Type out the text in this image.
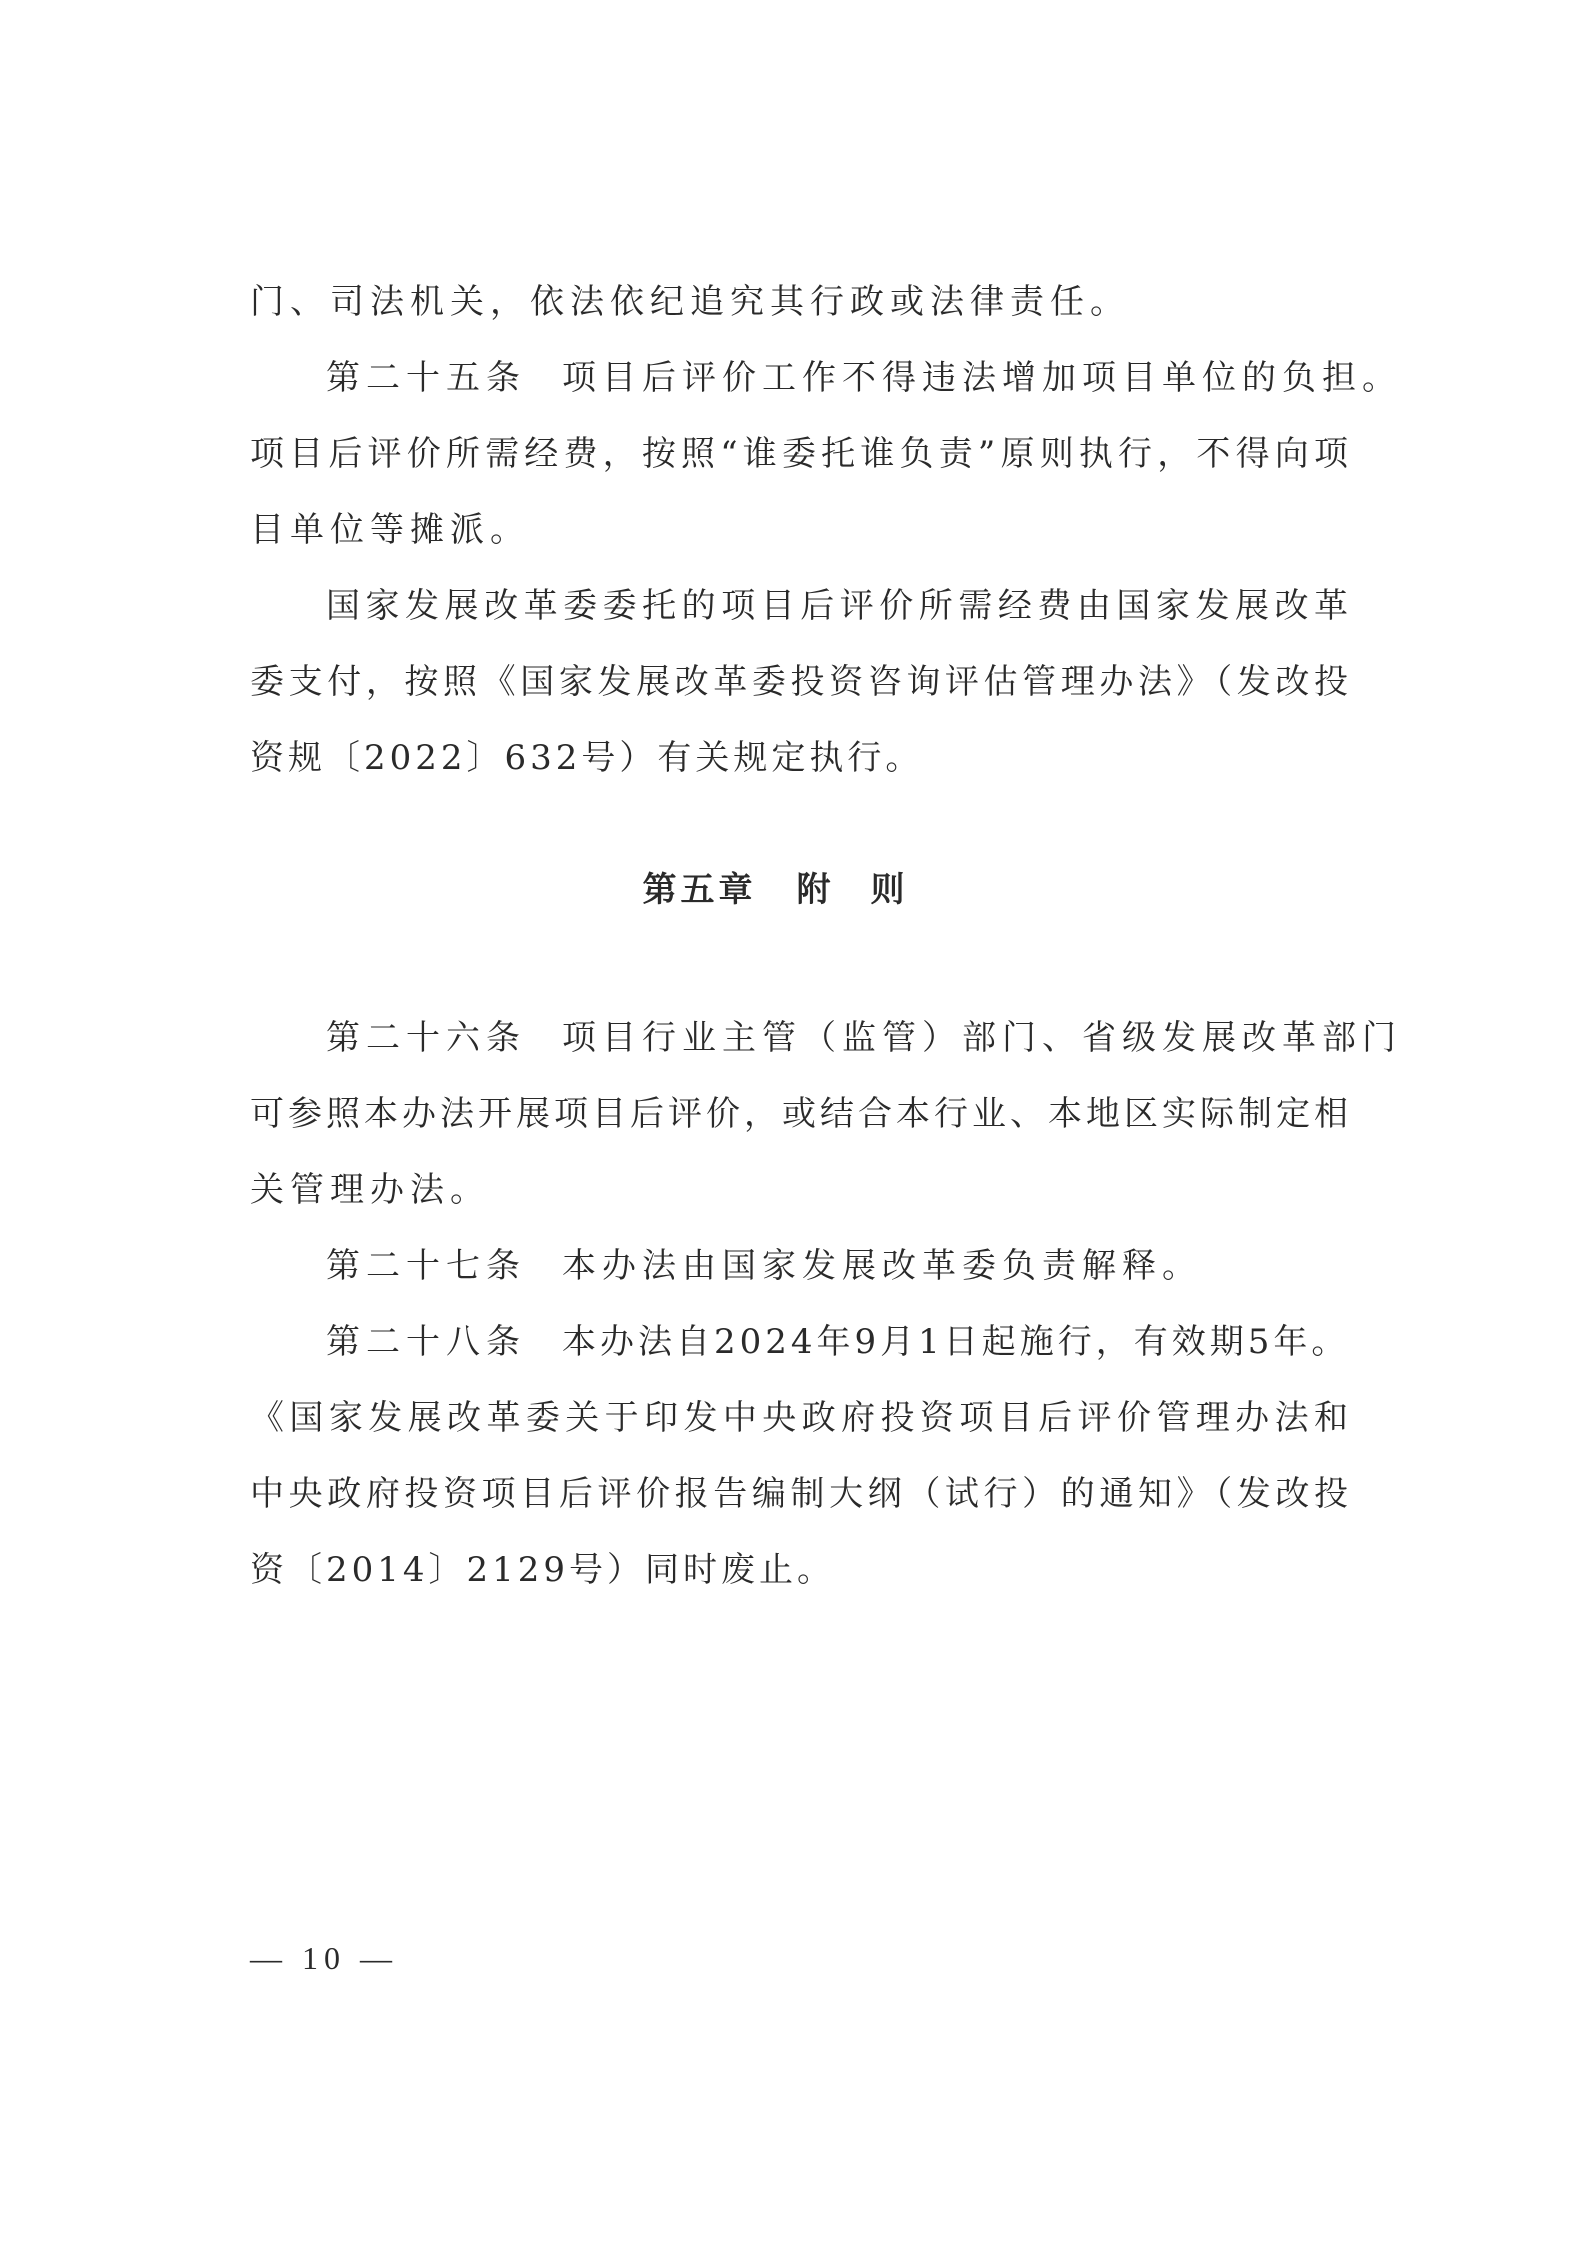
门、司法机关，依法依纪追究其行政或法律责任。

第二十五条 项目后评价工作不得违法增加项目单位的负担。

项目后评价所需经费，按照“谁委托谁负责”原则执行，不得向项

目单位等摊派。

国家发展改革委委托的项目后评价所需经费由国家发展改革

委支付，按照《国家发展改革委投资咨询评估管理办法》（发改投

资规〔2022〕632号）有关规定执行。

第五章 附则

第二十六条 项目行业主管（监管）部门、省级发展改革部门

可参照本办法开展项目后评价，或结合本行业、本地区实际制定相

关管理办法。

第二十七条 本办法由国家发展改革委负责解释。

第二十八条 本办法自2024年9月1日起施行，有效期5年。

《国家发展改革委关于印发中央政府投资项目后评价管理办法和

中央政府投资项目后评价报告编制大纲（试行）的通知》（发改投

资〔2014〕2129号）同时废止。

— 10 —
